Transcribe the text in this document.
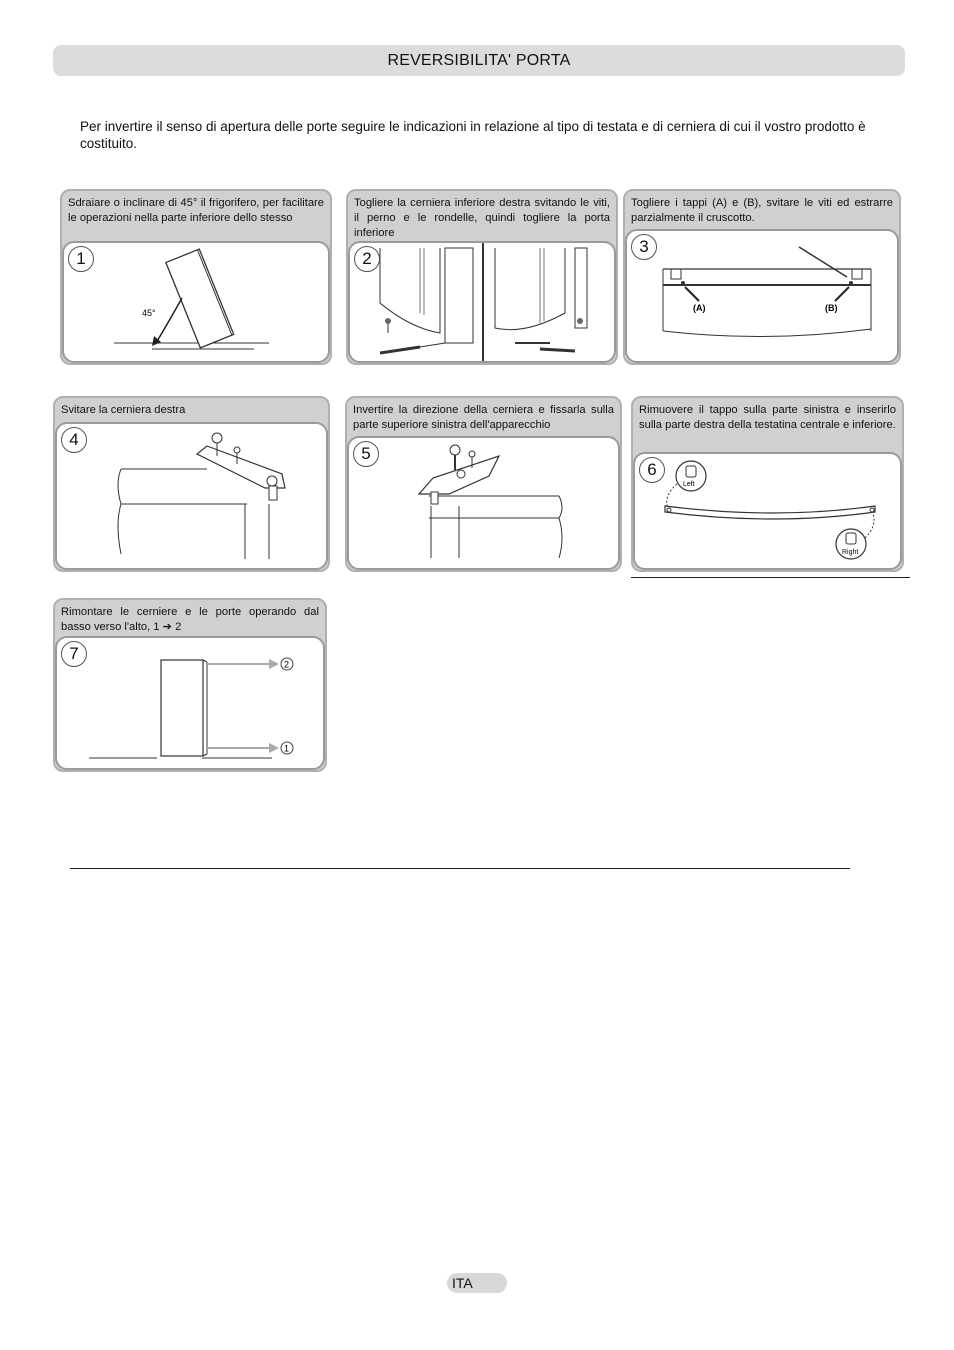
REVERSIBILITA' PORTA
Per invertire il senso di apertura delle porte seguire le indicazioni in relazione al tipo di testata e di cerniera di cui il vostro prodotto è costituito.
Sdraiare o inclinare di 45° il frigorifero, per facilitare le operazioni nella parte inferiore dello stesso
1
45°
Togliere la cerniera inferiore destra svitando le viti, il perno e le rondelle, quindi togliere la porta inferiore
2
Togliere i tappi (A) e (B), svitare le viti ed estrarre parzialmente il cruscotto.
3
(A)	(B)
Svitare la cerniera destra
4
Invertire la direzione della cerniera e fissarla sulla parte superiore sinistra dell'apparecchio
5
Rimuovere il tappo sulla parte sinistra e inserirlo sulla parte destra della testatina centrale e inferiore.
6
Left
Right
Rimontare le cerniere e le porte operando dal basso verso l'alto, 1 ➔ 2
7
2
1
ITA
